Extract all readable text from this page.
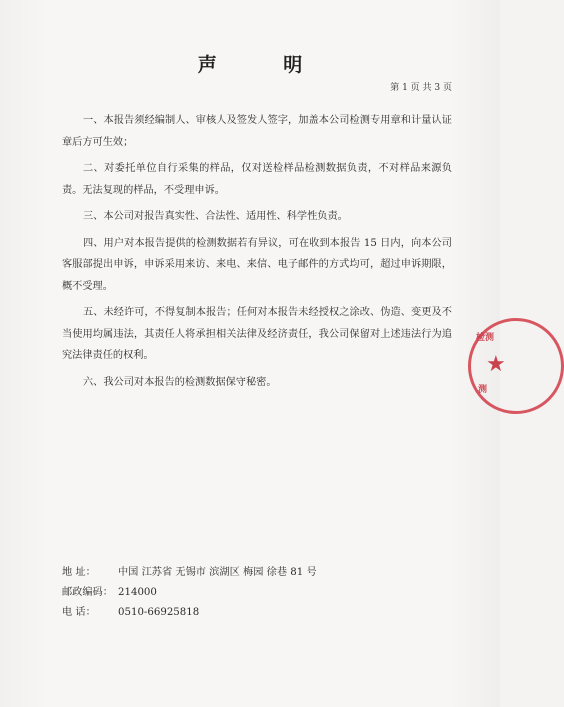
声 明
第 1 页 共 3 页

一、本报告须经编制人、审核人及签发人签字，加盖本公司检测专用章和计量认证章后方可生效；

二、对委托单位自行采集的样品，仅对送检样品检测数据负责，不对样品来源负责。无法复现的样品，不受理申诉。

三、本公司对报告真实性、合法性、适用性、科学性负责。

四、用户对本报告提供的检测数据若有异议，可在收到本报告 15 日内，向本公司客服部提出申诉，申诉采用来访、来电、来信、电子邮件的方式均可，超过申诉期限，概不受理。

五、未经许可，不得复制本报告；任何对本报告未经授权之涂改、伪造、变更及不当使用均属违法，其责任人将承担相关法律及经济责任，我公司保留对上述违法行为追究法律责任的权利。

六、我公司对本报告的检测数据保守秘密。

地 址： 中国 江苏省 无锡市 滨湖区 梅园 徐巷 81 号
邮政编码： 214000
电 话： 0510-66925818
检测
★
测
